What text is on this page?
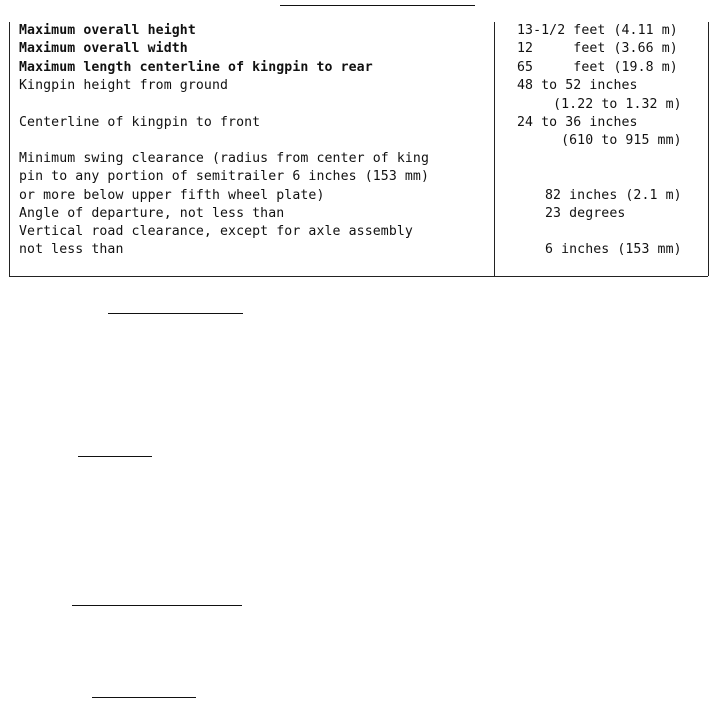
Maximum overall height
Maximum overall width
Maximum length centerline of kingpin to rear
Kingpin height from ground
Centerline of kingpin to front
Minimum swing clearance (radius from center of king
pin to any portion of semitrailer 6 inches (153 mm)
or more below upper fifth wheel plate)
Angle of departure, not less than
Vertical road clearance, except for axle assembly
not less than
13-1/2 feet (4.11 m)
12     feet (3.66 m)
65     feet (19.8 m)
48 to 52 inches
(1.22 to 1.32 m)
24 to 36 inches
(610 to 915 mm)
82 inches (2.1 m)
23 degrees
6 inches (153 mm)
